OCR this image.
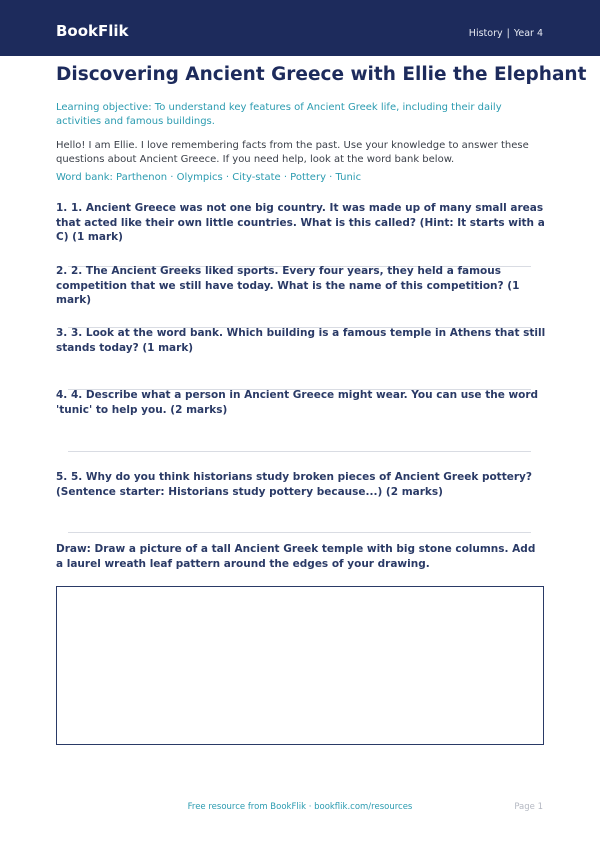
BookFlik	History | Year 4
Discovering Ancient Greece with Ellie the Elephant
Learning objective: To understand key features of Ancient Greek life, including their daily activities and famous buildings.
Hello! I am Ellie. I love remembering facts from the past. Use your knowledge to answer these questions about Ancient Greece. If you need help, look at the word bank below.
Word bank: Parthenon · Olympics · City-state · Pottery · Tunic
1. 1. Ancient Greece was not one big country. It was made up of many small areas that acted like their own little countries. What is this called? (Hint: It starts with a C) (1 mark)
2. 2. The Ancient Greeks liked sports. Every four years, they held a famous competition that we still have today. What is the name of this competition? (1 mark)
3. 3. Look at the word bank. Which building is a famous temple in Athens that still stands today? (1 mark)
4. 4. Describe what a person in Ancient Greece might wear. You can use the word 'tunic' to help you. (2 marks)
5. 5. Why do you think historians study broken pieces of Ancient Greek pottery? (Sentence starter: Historians study pottery because...) (2 marks)
Draw: Draw a picture of a tall Ancient Greek temple with big stone columns. Add a laurel wreath leaf pattern around the edges of your drawing.
Free resource from BookFlik · bookflik.com/resources	Page 1
